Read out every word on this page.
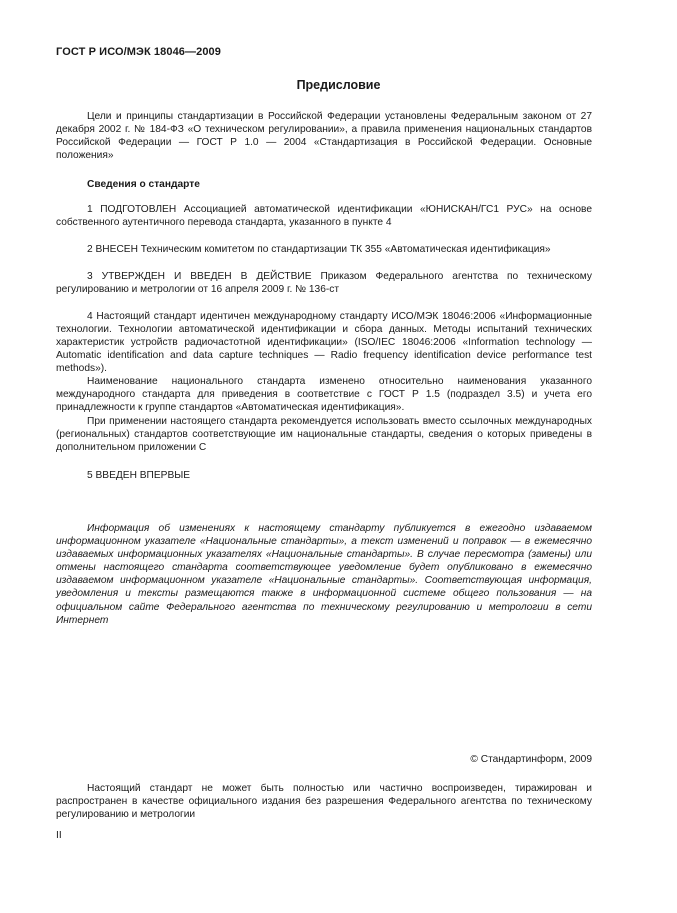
ГОСТ Р ИСО/МЭК 18046—2009
Предисловие

Цели и принципы стандартизации в Российской Федерации установлены Федеральным законом от 27 декабря 2002 г. № 184-ФЗ «О техническом регулировании», а правила применения национальных стандартов Российской Федерации — ГОСТ Р 1.0 — 2004 «Стандартизация в Российской Федерации. Основные положения»

Сведения о стандарте

1 ПОДГОТОВЛЕН Ассоциацией автоматической идентификации «ЮНИСКАН/ГС1 РУС» на основе собственного аутентичного перевода стандарта, указанного в пункте 4

2 ВНЕСЕН Техническим комитетом по стандартизации ТК 355 «Автоматическая идентификация»

3 УТВЕРЖДЕН И ВВЕДЕН В ДЕЙСТВИЕ Приказом Федерального агентства по техническому регулированию и метрологии от 16 апреля 2009 г. № 136-ст

4 Настоящий стандарт идентичен международному стандарту ИСО/МЭК 18046:2006 «Информационные технологии. Технологии автоматической идентификации и сбора данных. Методы испытаний технических характеристик устройств радиочастотной идентификации» (ISO/IEC 18046:2006 «Information technology — Automatic identification and data capture techniques — Radio frequency identification device performance test methods»).

Наименование национального стандарта изменено относительно наименования указанного международного стандарта для приведения в соответствие с ГОСТ Р 1.5 (подраздел 3.5) и учета его принадлежности к группе стандартов «Автоматическая идентификация».

При применении настоящего стандарта рекомендуется использовать вместо ссылочных международных (региональных) стандартов соответствующие им национальные стандарты, сведения о которых приведены в дополнительном приложении С

5 ВВЕДЕН ВПЕРВЫЕ

Информация об изменениях к настоящему стандарту публикуется в ежегодно издаваемом информационном указателе «Национальные стандарты», а текст изменений и поправок — в ежемесячно издаваемых информационных указателях «Национальные стандарты». В случае пересмотра (замены) или отмены настоящего стандарта соответствующее уведомление будет опубликовано в ежемесячно издаваемом информационном указателе «Национальные стандарты». Соответствующая информация, уведомления и тексты размещаются также в информационной системе общего пользования — на официальном сайте Федерального агентства по техническому регулированию и метрологии в сети Интернет

© Стандартинформ, 2009

Настоящий стандарт не может быть полностью или частично воспроизведен, тиражирован и распространен в качестве официального издания без разрешения Федерального агентства по техническому регулированию и метрологии

II
